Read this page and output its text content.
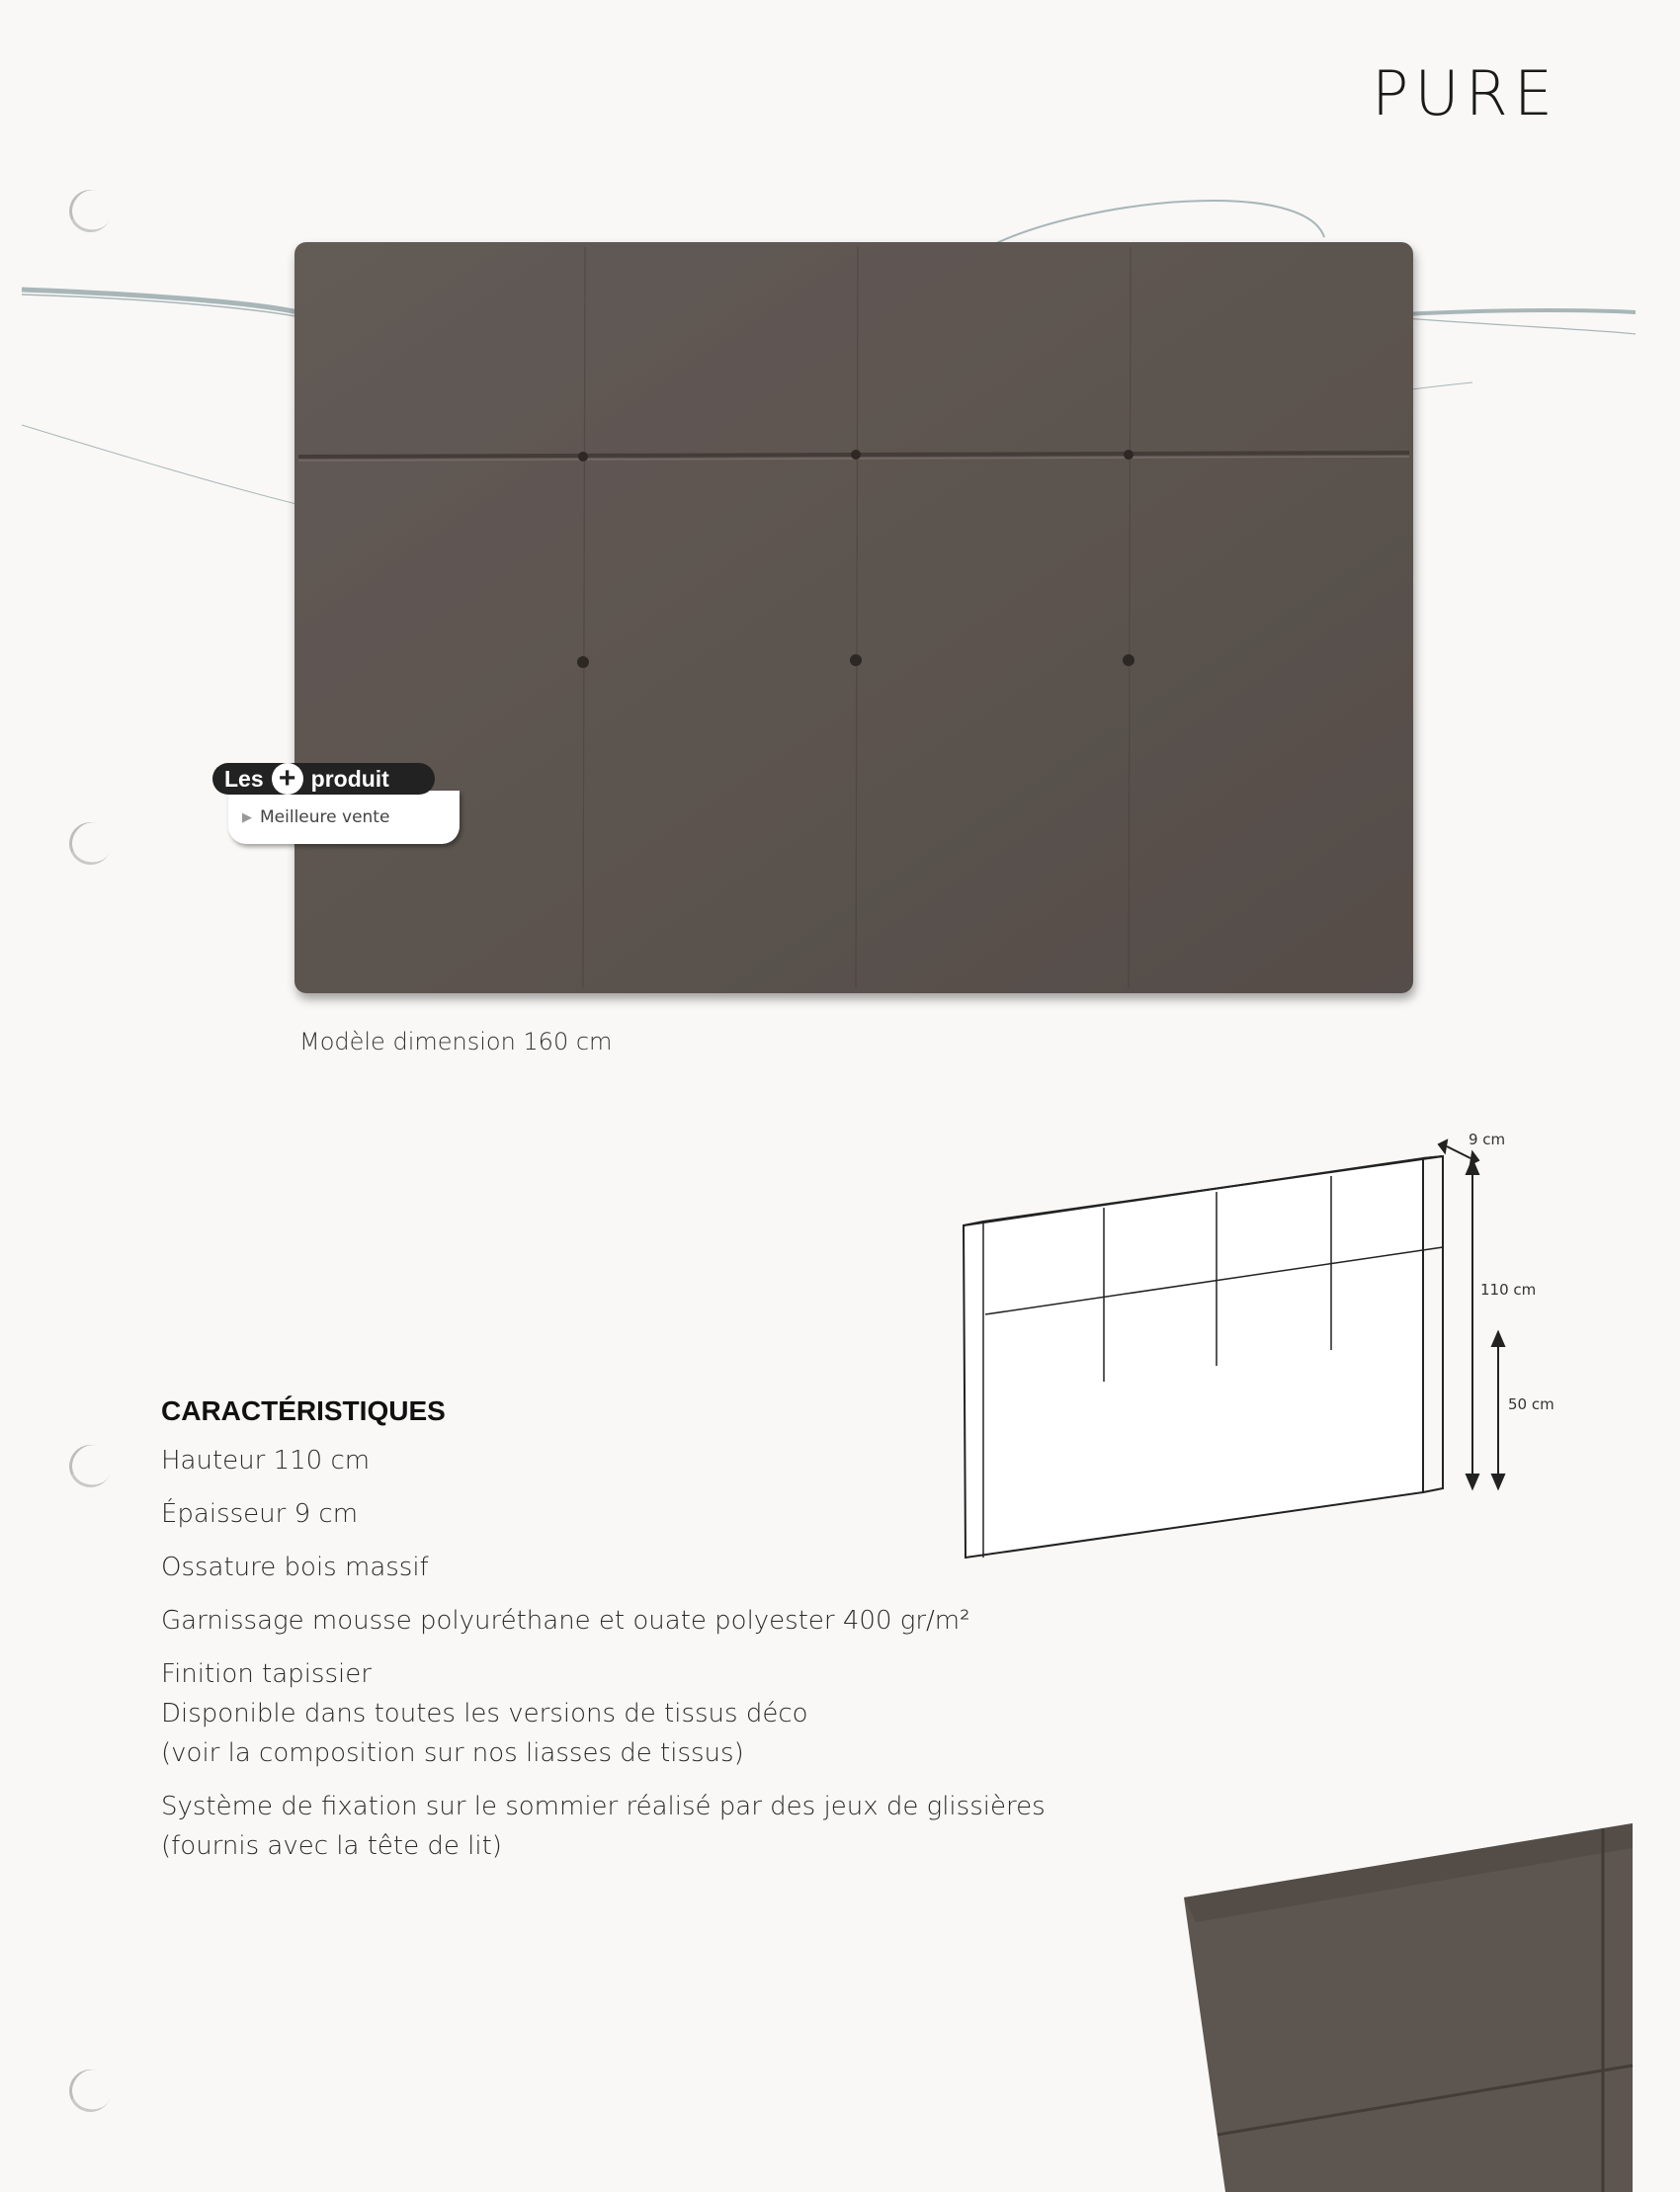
PURE
▶ Meilleure vente
Les + produit
Modèle dimension 160 cm
9 cm
110 cm
50 cm
CARACTÉRISTIQUES
Hauteur 110 cm
Épaisseur 9 cm
Ossature bois massif
Garnissage mousse polyuréthane et ouate polyester 400 gr/m²
Finition tapissier
Disponible dans toutes les versions de tissus déco
(voir la composition sur nos liasses de tissus)
Système de fixation sur le sommier réalisé par des jeux de glissières
(fournis avec la tête de lit)
